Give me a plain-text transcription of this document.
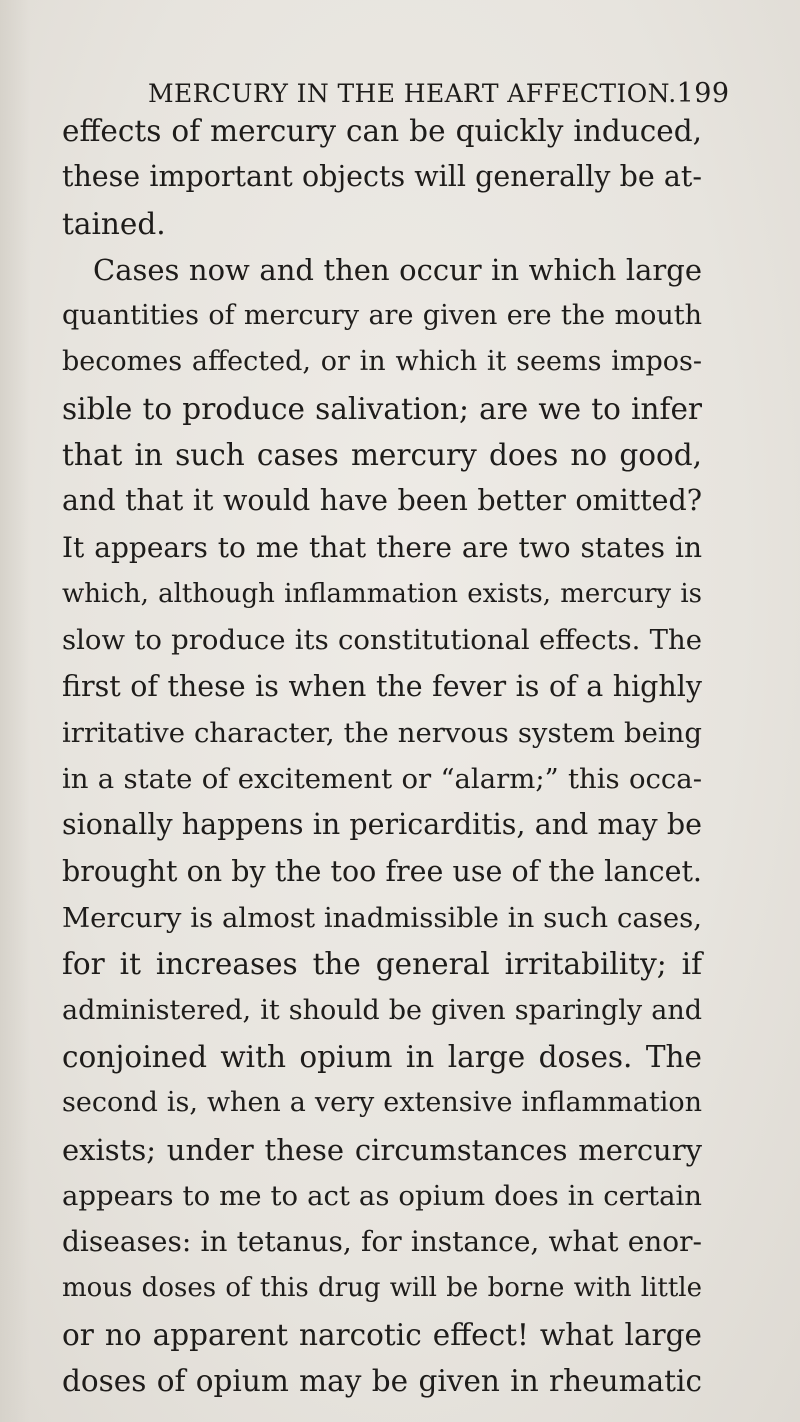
MERCURY IN THE HEART AFFECTION. 199
effects of mercury can be quickly induced,
these important objects will generally be at-
tained.
Cases now and then occur in which large
quantities of mercury are given ere the mouth
becomes affected, or in which it seems impos-
sible to produce salivation; are we to infer
that in such cases mercury does no good,
and that it would have been better omitted?
It appears to me that there are two states in
which, although inflammation exists, mercury is
slow to produce its constitutional effects. The
first of these is when the fever is of a highly
irritative character, the nervous system being
in a state of excitement or “alarm;” this occa-
sionally happens in pericarditis, and may be
brought on by the too free use of the lancet.
Mercury is almost inadmissible in such cases,
for it increases the general irritability; if
administered, it should be given sparingly and
conjoined with opium in large doses. The
second is, when a very extensive inflammation
exists; under these circumstances mercury
appears to me to act as opium does in certain
diseases: in tetanus, for instance, what enor-
mous doses of this drug will be borne with little
or no apparent narcotic effect! what large
doses of opium may be given in rheumatic
